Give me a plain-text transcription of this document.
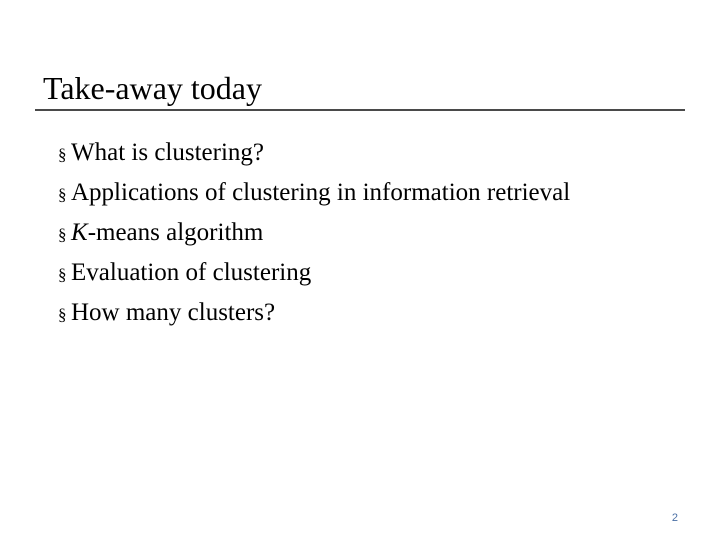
Take-away today
§ What is clustering?
§ Applications of clustering in information retrieval
§ K -means algorithm
§ Evaluation of clustering
§ How many clusters?
2
